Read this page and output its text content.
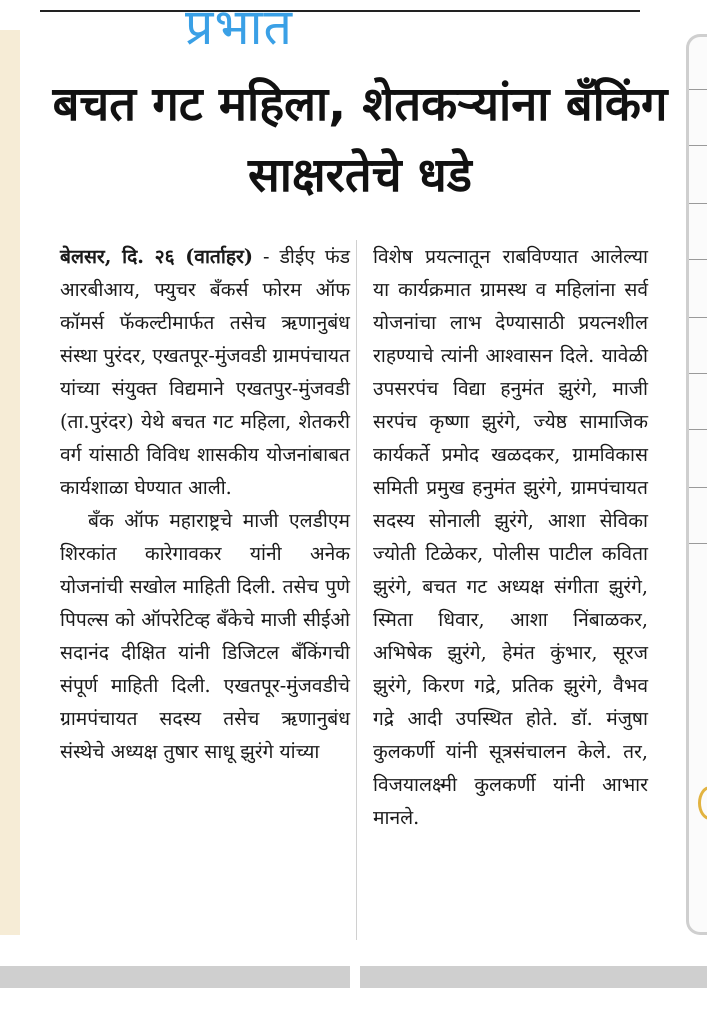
प्रभात
बचत गट महिला, शेतकऱ्यांना बँकिंग साक्षरतेचे धडे

बेलसर, दि. २६ (वार्ताहर) - डीईए फंड आरबीआय, फ्युचर बँकर्स फोरम ऑफ कॉमर्स फॅकल्टीमार्फत तसेच ऋणानुबंध संस्था पुरंदर, एखतपूर-मुंजवडी ग्रामपंचायत यांच्या संयुक्त विद्यमाने एखतपुर-मुंजवडी (ता.पुरंदर) येथे बचत गट महिला, शेतकरी वर्ग यांसाठी विविध शासकीय योजनांबाबत कार्यशाळा घेण्यात आली.

बँक ऑफ महाराष्ट्रचे माजी एलडीएम शिरकांत कारेगावकर यांनी अनेक योजनांची सखोल माहिती दिली. तसेच पुणे पिपल्स को ऑपरेटिव्ह बँकेचे माजी सीईओ सदानंद दीक्षित यांनी डिजिटल बँकिंगची संपूर्ण माहिती दिली. एखतपूर-मुंजवडीचे ग्रामपंचायत सदस्य तसेच ऋणानुबंध संस्थेचे अध्यक्ष तुषार साधू झुरंगे यांच्या

विशेष प्रयत्नातून राबविण्यात आलेल्या या कार्यक्रमात ग्रामस्थ व महिलांना सर्व योजनांचा लाभ देण्यासाठी प्रयत्नशील राहण्याचे त्यांनी आश्वासन दिले. यावेळी उपसरपंच विद्या हनुमंत झुरंगे, माजी सरपंच कृष्णा झुरंगे, ज्येष्ठ सामाजिक कार्यकर्ते प्रमोद खळदकर, ग्रामविकास समिती प्रमुख हनुमंत झुरंगे, ग्रामपंचायत सदस्य सोनाली झुरंगे, आशा सेविका ज्योती टिळेकर, पोलीस पाटील कविता झुरंगे, बचत गट अध्यक्ष संगीता झुरंगे, स्मिता धिवार, आशा निंबाळकर, अभिषेक झुरंगे, हेमंत कुंभार, सूरज झुरंगे, किरण गद्रे, प्रतिक झुरंगे, वैभव गद्रे आदी उपस्थित होते. डॉ. मंजुषा कुलकर्णी यांनी सूत्रसंचालन केले. तर, विजयालक्ष्मी कुलकर्णी यांनी आभार मानले.
